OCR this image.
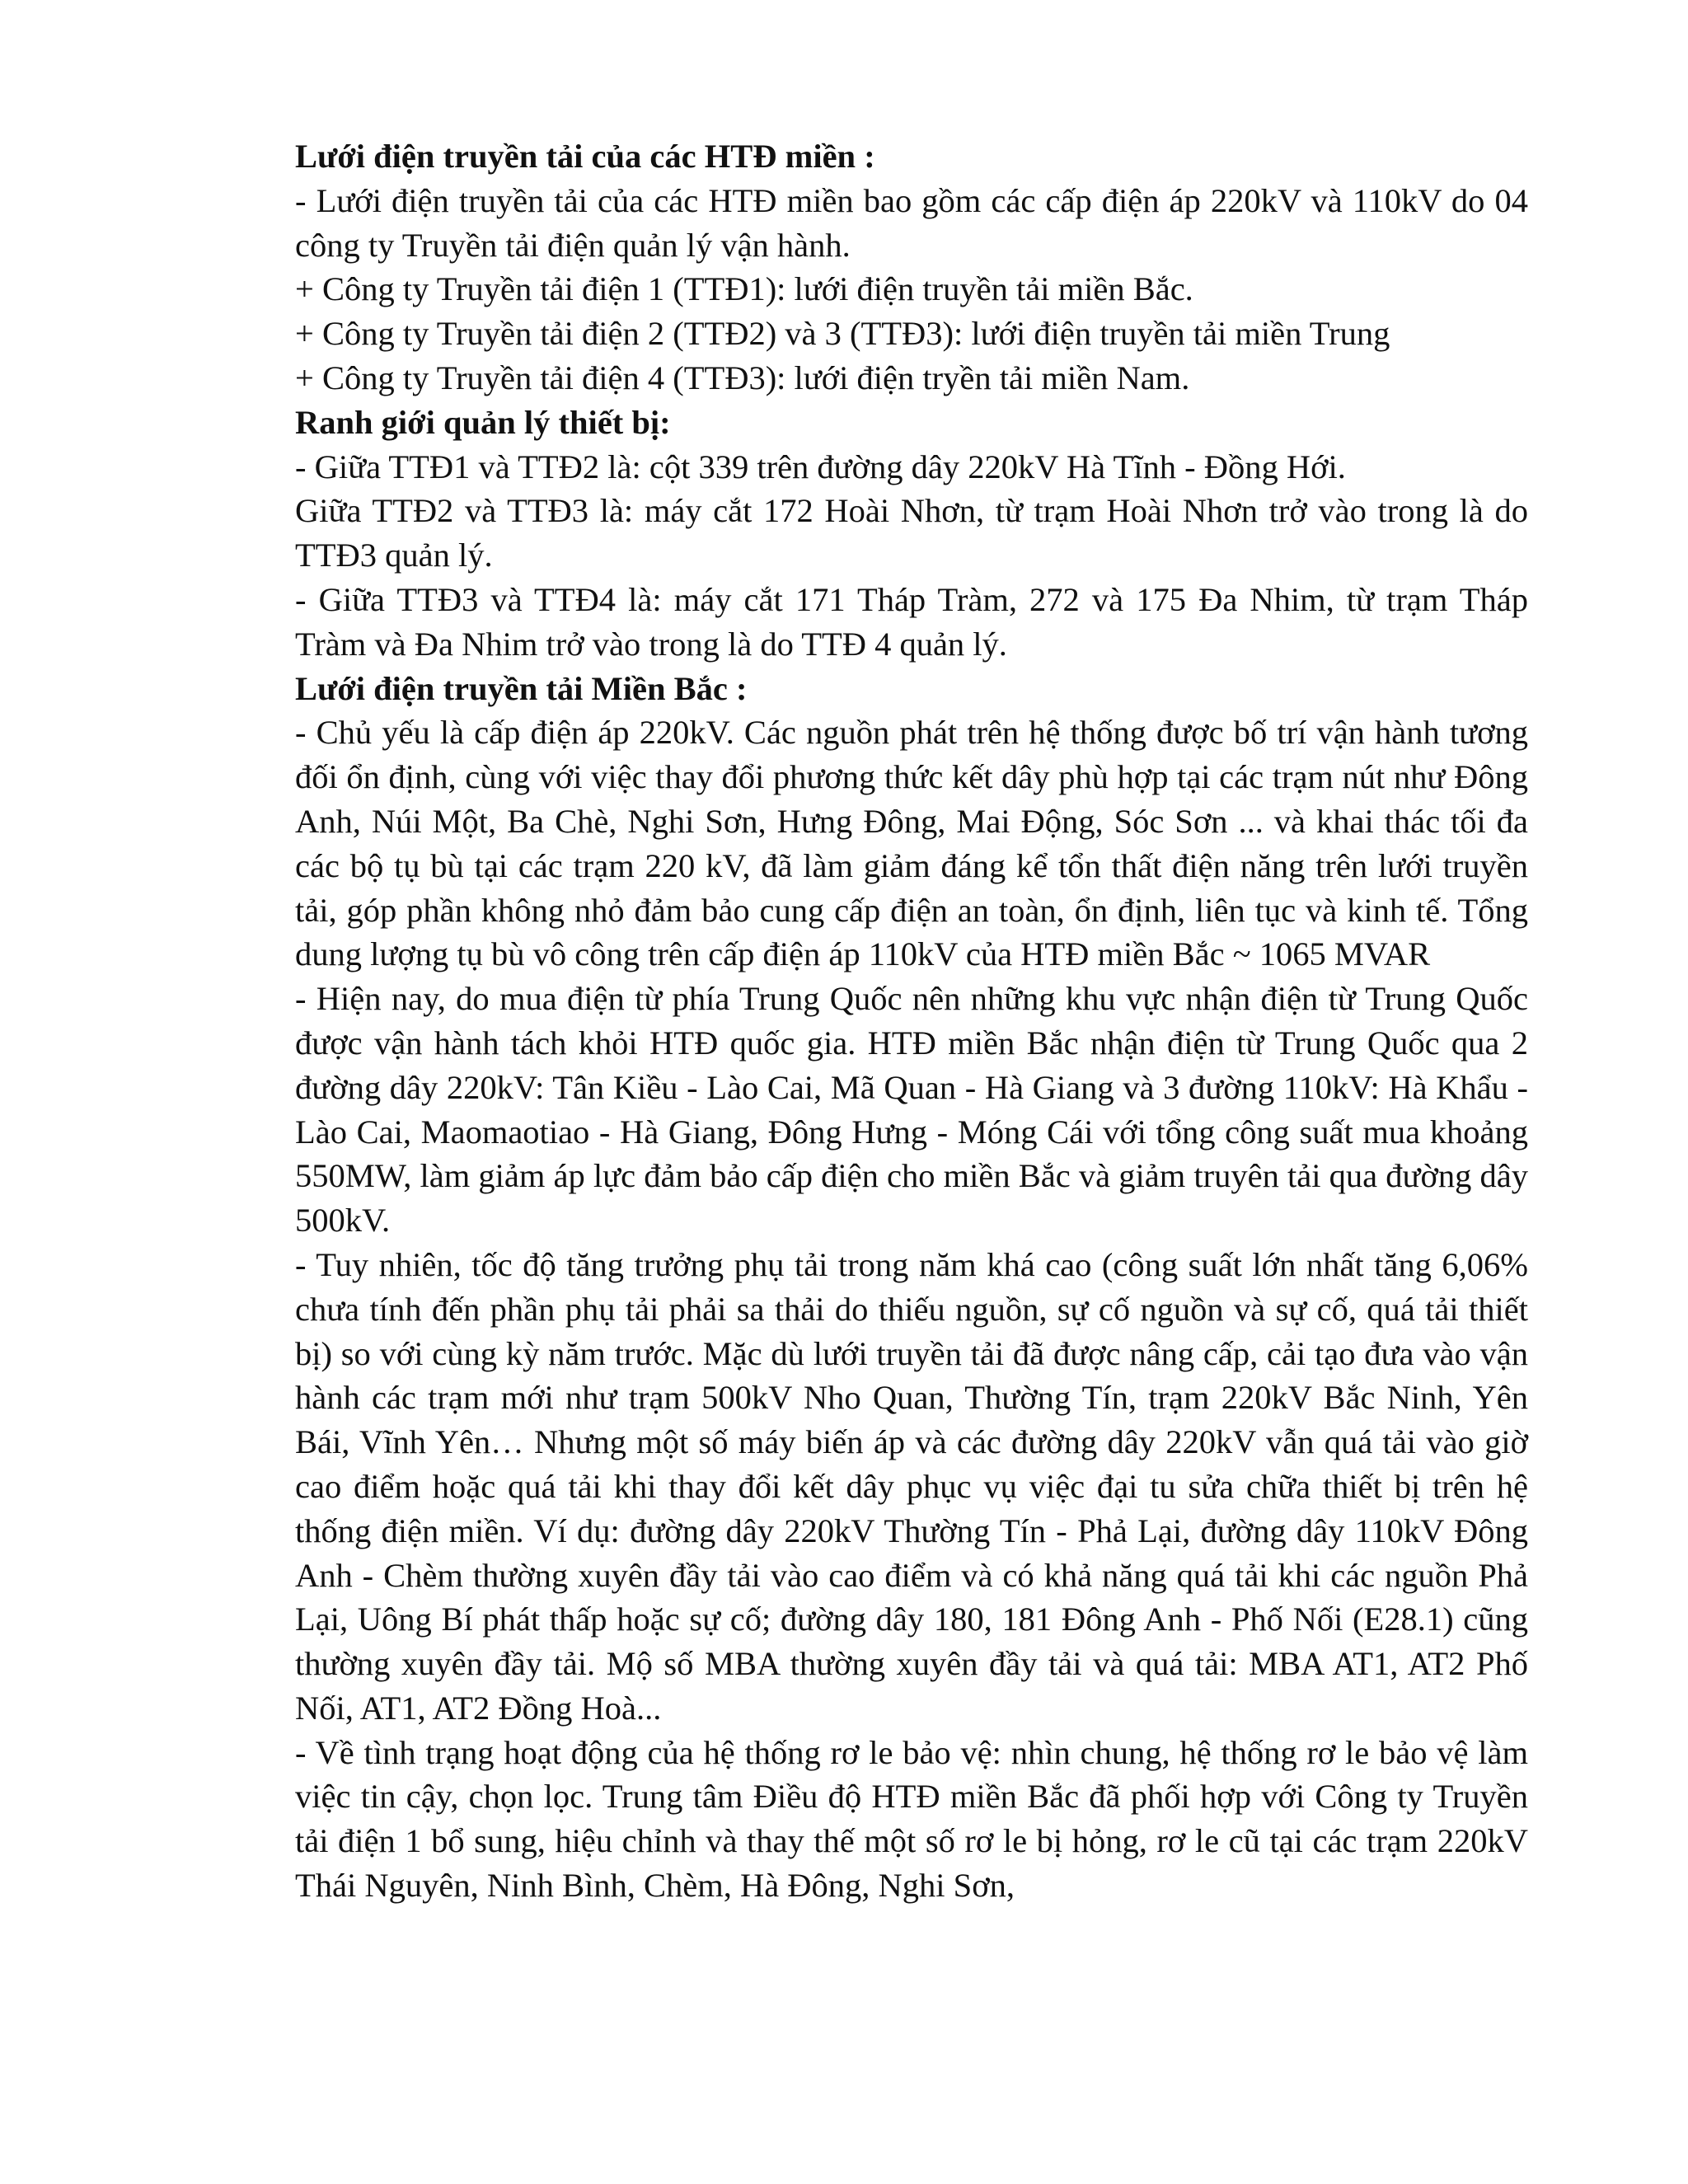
Lưới điện truyền tải của các HTĐ miền :

- Lưới điện truyền tải của các HTĐ miền bao gồm các cấp điện áp 220kV và 110kV do 04 công ty Truyền tải điện quản lý vận hành.

+ Công ty Truyền tải điện 1 (TTĐ1): lưới điện truyền tải miền Bắc.

+ Công ty Truyền tải điện 2 (TTĐ2) và 3 (TTĐ3): lưới điện truyền tải miền Trung

+ Công ty Truyền tải điện 4 (TTĐ3): lưới điện tryền tải miền Nam.

Ranh giới quản lý thiết bị:

- Giữa TTĐ1 và TTĐ2 là: cột 339 trên đường dây 220kV Hà Tĩnh - Đồng Hới.

Giữa TTĐ2 và TTĐ3 là: máy cắt 172 Hoài Nhơn, từ trạm Hoài Nhơn trở vào trong là do TTĐ3 quản lý.

- Giữa TTĐ3 và TTĐ4 là: máy cắt 171 Tháp Tràm, 272 và 175 Đa Nhim, từ trạm Tháp Tràm và Đa Nhim trở vào trong là do TTĐ 4 quản lý.

Lưới điện truyền tải Miền Bắc :

- Chủ yếu là cấp điện áp 220kV. Các nguồn phát trên hệ thống được bố trí vận hành tương đối ổn định, cùng với việc thay đổi phương thức kết dây phù hợp tại các trạm nút như Đông Anh, Núi Một, Ba Chè, Nghi Sơn, Hưng Đông, Mai Động, Sóc Sơn ... và khai thác tối đa các bộ tụ bù tại các trạm 220 kV, đã làm giảm đáng kể tổn thất điện năng trên lưới truyền tải, góp phần không nhỏ đảm bảo cung cấp điện an toàn, ổn định, liên tục và kinh tế. Tổng dung lượng tụ bù vô công trên cấp điện áp 110kV của HTĐ miền Bắc ~ 1065 MVAR

- Hiện nay, do mua điện từ phía Trung Quốc nên những khu vực nhận điện từ Trung Quốc được vận hành tách khỏi HTĐ quốc gia. HTĐ miền Bắc nhận điện từ Trung Quốc qua 2 đường dây 220kV: Tân Kiều - Lào Cai, Mã Quan - Hà Giang và 3 đường 110kV: Hà Khẩu - Lào Cai, Maomaotiao - Hà Giang, Đông Hưng - Móng Cái với tổng công suất mua khoảng 550MW, làm giảm áp lực đảm bảo cấp điện cho miền Bắc và giảm truyên tải qua đường dây 500kV.

- Tuy nhiên, tốc độ tăng trưởng phụ tải trong năm khá cao (công suất lớn nhất tăng 6,06% chưa tính đến phần phụ tải phải sa thải do thiếu nguồn, sự cố nguồn và sự cố, quá tải thiết bị) so với cùng kỳ năm trước. Mặc dù lưới truyền tải đã được nâng cấp, cải tạo đưa vào vận hành các trạm mới như trạm 500kV Nho Quan, Thường Tín, trạm 220kV Bắc Ninh, Yên Bái, Vĩnh Yên… Nhưng một số máy biến áp và các đường dây 220kV vẫn quá tải vào giờ cao điểm hoặc quá tải khi thay đổi kết dây phục vụ việc đại tu sửa chữa thiết bị trên hệ thống điện miền. Ví dụ: đường dây 220kV Thường Tín - Phả Lại, đường dây 110kV Đông Anh - Chèm thường xuyên đầy tải vào cao điểm và có khả năng quá tải khi các nguồn Phả Lại, Uông Bí phát thấp hoặc sự cố; đường dây 180, 181 Đông Anh - Phố Nối (E28.1) cũng thường xuyên đầy tải. Mộ số MBA thường xuyên đầy tải và quá tải: MBA AT1, AT2 Phố Nối, AT1, AT2 Đồng Hoà...

- Về tình trạng hoạt động của hệ thống rơ le bảo vệ: nhìn chung, hệ thống rơ le bảo vệ làm việc tin cậy, chọn lọc. Trung tâm Điều độ HTĐ miền Bắc đã phối hợp với Công ty Truyền tải điện 1 bổ sung, hiệu chỉnh và thay thế một số rơ le bị hỏng, rơ le cũ tại các trạm 220kV Thái Nguyên, Ninh Bình, Chèm, Hà Đông, Nghi Sơn,
